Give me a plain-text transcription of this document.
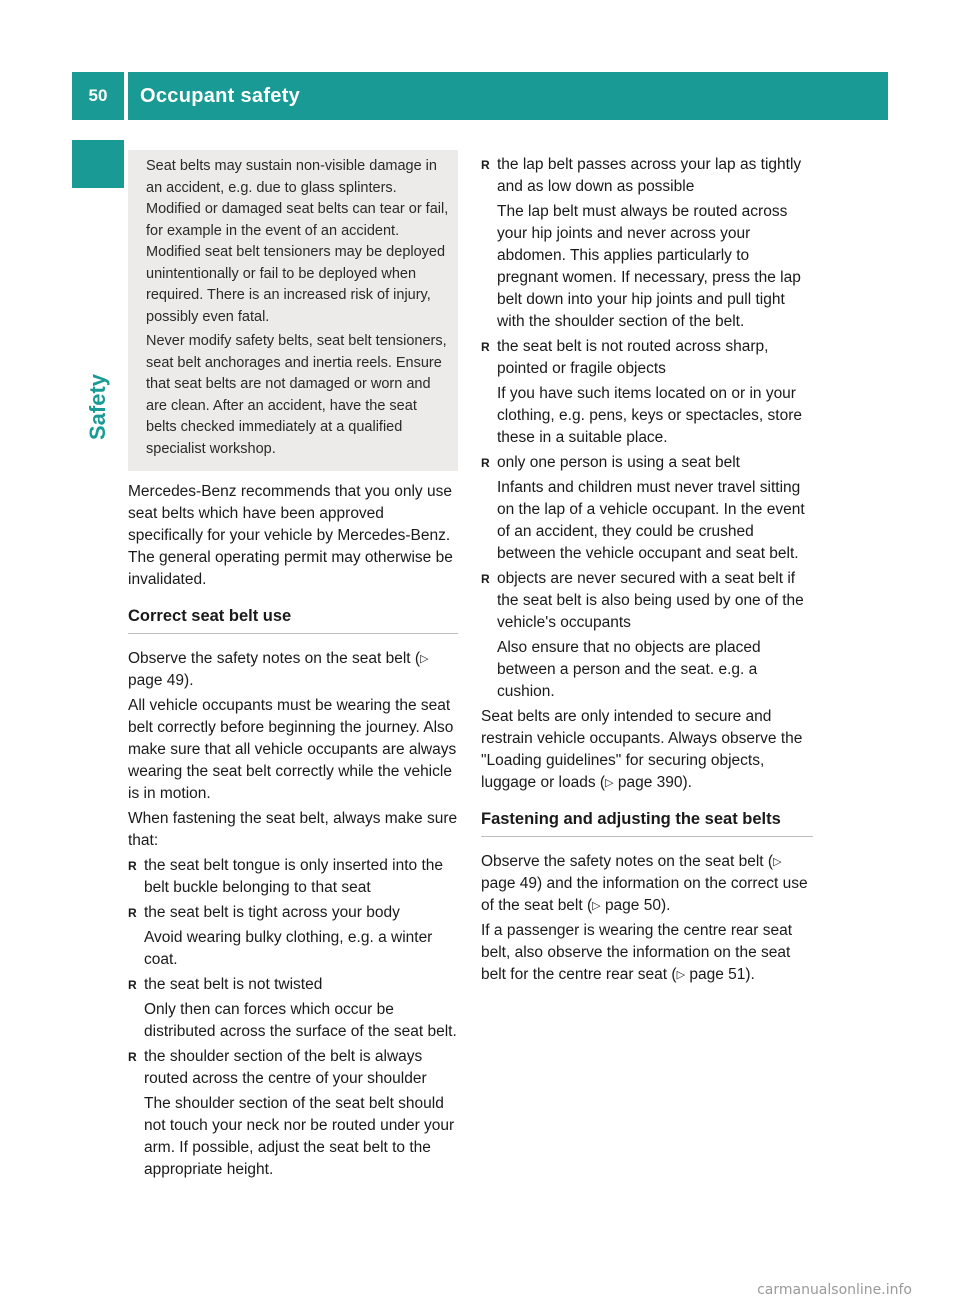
50	Occupant safety
Safety

Seat belts may sustain non-visible damage in an accident, e.g. due to glass splinters. Modified or damaged seat belts can tear or fail, for example in the event of an accident. Modified seat belt tensioners may be deployed unintentionally or fail to be deployed when required. There is an increased risk of injury, possibly even fatal.

Never modify safety belts, seat belt tensioners, seat belt anchorages and inertia reels. Ensure that seat belts are not damaged or worn and are clean. After an accident, have the seat belts checked immediately at a qualified specialist workshop.

Mercedes-Benz recommends that you only use seat belts which have been approved specifically for your vehicle by Mercedes-Benz. The general operating permit may otherwise be invalidated.

Correct seat belt use

Observe the safety notes on the seat belt (▷ page 49).

All vehicle occupants must be wearing the seat belt correctly before beginning the journey. Also make sure that all vehicle occupants are always wearing the seat belt correctly while the vehicle is in motion.

When fastening the seat belt, always make sure that:

R the seat belt tongue is only inserted into the belt buckle belonging to that seat
R the seat belt is tight across your body

Avoid wearing bulky clothing, e.g. a winter coat.

R the seat belt is not twisted

Only then can forces which occur be distributed across the surface of the seat belt.

R the shoulder section of the belt is always routed across the centre of your shoulder

The shoulder section of the seat belt should not touch your neck nor be routed under your arm. If possible, adjust the seat belt to the appropriate height.

R the lap belt passes across your lap as tightly and as low down as possible

The lap belt must always be routed across your hip joints and never across your abdomen. This applies particularly to pregnant women. If necessary, press the lap belt down into your hip joints and pull tight with the shoulder section of the belt.

R the seat belt is not routed across sharp, pointed or fragile objects

If you have such items located on or in your clothing, e.g. pens, keys or spectacles, store these in a suitable place.

R only one person is using a seat belt

Infants and children must never travel sitting on the lap of a vehicle occupant. In the event of an accident, they could be crushed between the vehicle occupant and seat belt.

R objects are never secured with a seat belt if the seat belt is also being used by one of the vehicle's occupants

Also ensure that no objects are placed between a person and the seat. e.g. a cushion.

Seat belts are only intended to secure and restrain vehicle occupants. Always observe the "Loading guidelines" for securing objects, luggage or loads (▷ page 390).

Fastening and adjusting the seat belts

Observe the safety notes on the seat belt (▷ page 49) and the information on the correct use of the seat belt (▷ page 50).

If a passenger is wearing the centre rear seat belt, also observe the information on the seat belt for the centre rear seat (▷ page 51).

carmanualsonline.info
